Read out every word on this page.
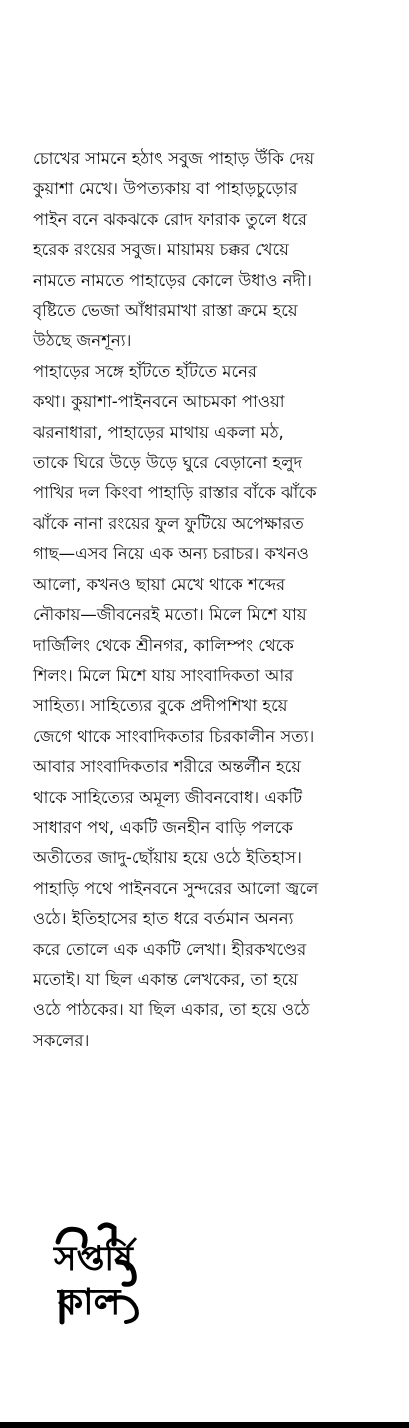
চোখের সামনে হঠাৎ সবুজ পাহাড় উঁকি দেয়
কুয়াশা মেখে। উপত্যকায় বা পাহাড়চুড়োর
পাইন বনে ঝকঝকে রোদ ফারাক তুলে ধরে
হরেক রংয়ের সবুজ। মায়াময় চক্কর খেয়ে
নামতে নামতে পাহাড়ের কোলে উধাও নদী।
বৃষ্টিতে ভেজা আঁধারমাখা রাস্তা ক্রমে হয়ে
উঠছে জনশূন্য।
পাহাড়ের সঙ্গে হাঁটতে হাঁটতে মনের
কথা। কুয়াশা-পাইনবনে আচমকা পাওয়া
ঝরনাধারা, পাহাড়ের মাথায় একলা মঠ,
তাকে ঘিরে উড়ে উড়ে ঘুরে বেড়ানো হলুদ
পাখির দল কিংবা পাহাড়ি রাস্তার বাঁকে ঝাঁকে
ঝাঁকে নানা রংয়ের ফুল ফুটিয়ে অপেক্ষারত
গাছ—এসব নিয়ে এক অন্য চরাচর। কখনও
আলো, কখনও ছায়া মেখে থাকে শব্দের
নৌকায়—জীবনেরই মতো। মিলে মিশে যায়
দার্জিলিং থেকে শ্রীনগর, কালিম্পং থেকে
শিলং। মিলে মিশে যায় সাংবাদিকতা আর
সাহিত্য। সাহিত্যের বুকে প্রদীপশিখা হয়ে
জেগে থাকে সাংবাদিকতার চিরকালীন সত্য।
আবার সাংবাদিকতার শরীরে অন্তর্লীন হয়ে
থাকে সাহিত্যের অমূল্য জীবনবোধ। একটি
সাধারণ পথ, একটি জনহীন বাড়ি পলকে
অতীতের জাদু-ছোঁয়ায় হয়ে ওঠে ইতিহাস।
পাহাড়ি পথে পাইনবনে সুন্দরের আলো জ্বলে
ওঠে। ইতিহাসের হাত ধরে বর্তমান অনন্য
করে তোলে এক একটি লেখা। হীরকখণ্ডের
মতোই। যা ছিল একান্ত লেখকের, তা হয়ে
ওঠে পাঠকের। যা ছিল একার, তা হয়ে ওঠে
সকলের।
সপ্তর্ষি
কাল
